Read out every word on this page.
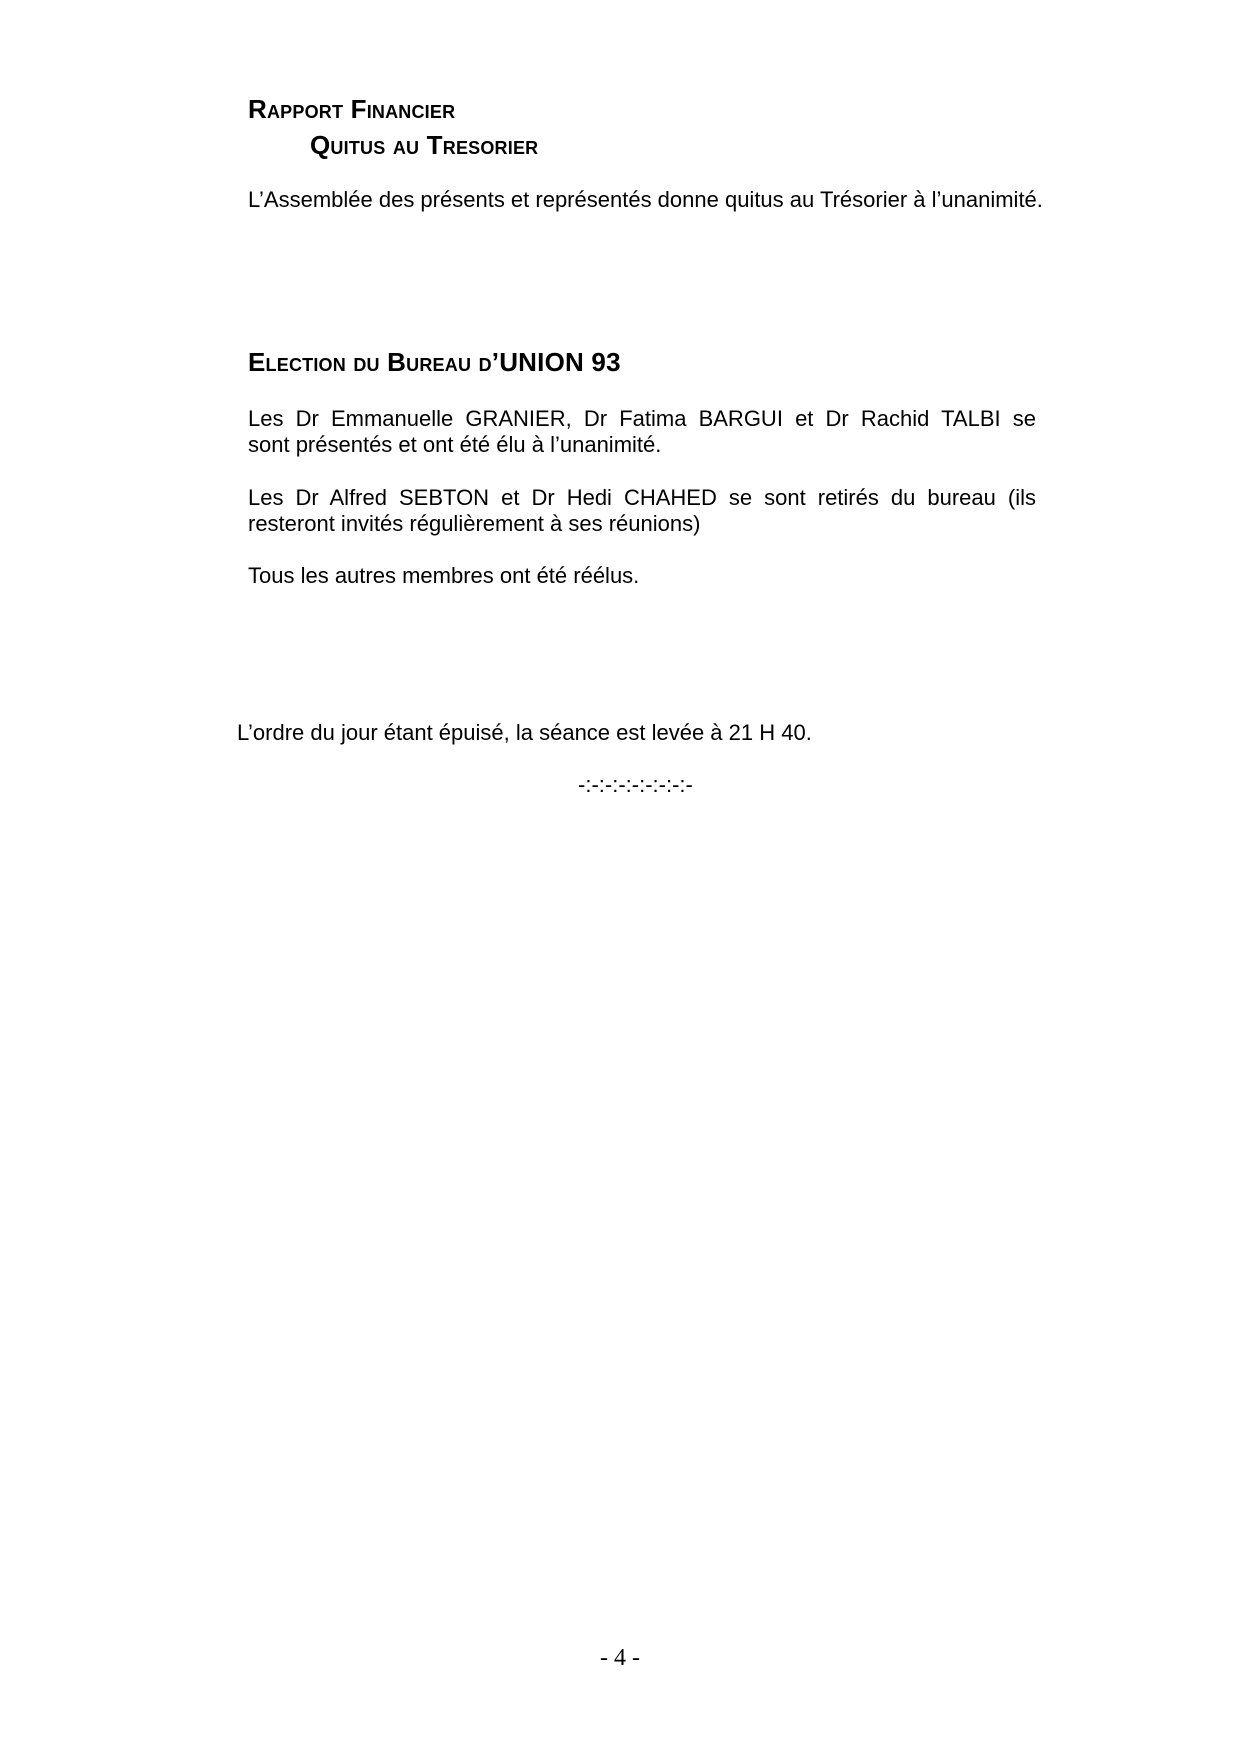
Rapport Financier
Quitus au Tresorier
L’Assemblée des présents et représentés donne quitus au Trésorier à l’unanimité.
Election du Bureau d’UNION 93
Les Dr Emmanuelle GRANIER, Dr Fatima BARGUI et Dr Rachid TALBI se
sont présentés et ont été élu à l’unanimité.
Les Dr Alfred SEBTON et Dr Hedi CHAHED se sont retirés du bureau (ils
resteront invités régulièrement à ses réunions)
Tous les autres membres ont été réélus.
L’ordre du jour étant épuisé, la séance est levée à 21 H 40.
-:-:-:-:-:-:-:-:-
- 4 -
